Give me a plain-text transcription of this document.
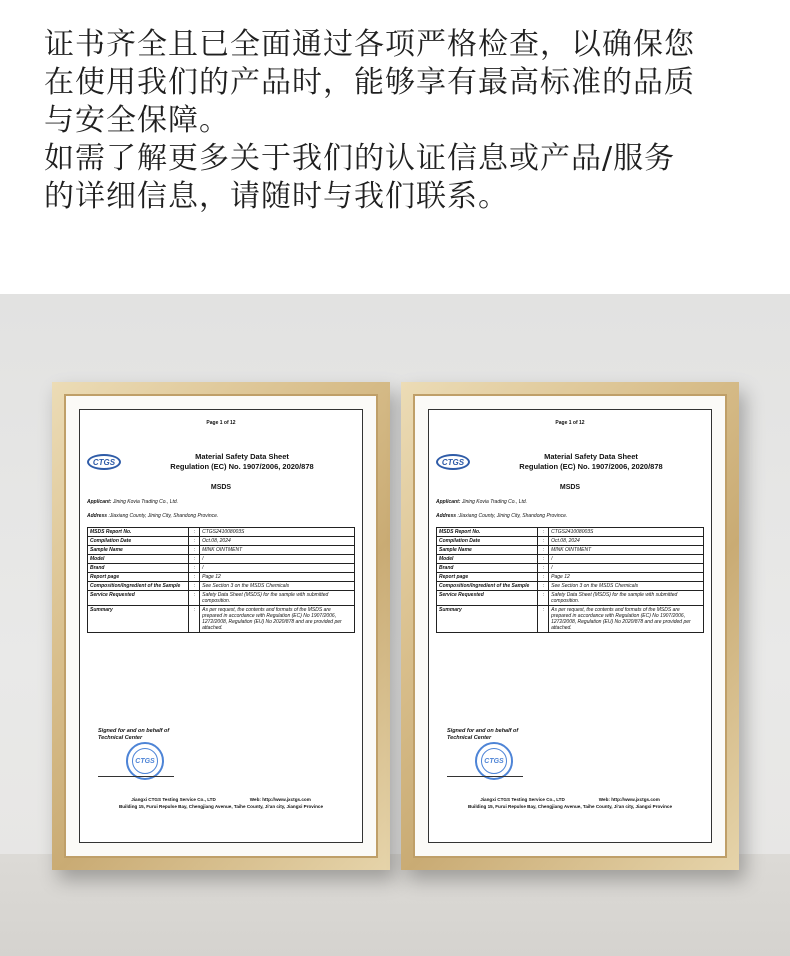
证书齐全且已全面通过各项严格检查，以确保您
在使用我们的产品时，能够享有最高标准的品质
与安全保障。

如需了解更多关于我们的认证信息或产品/服务
的详细信息，请随时与我们联系。

Page 1 of 12
CTGS
Material Safety Data Sheet
Regulation (EC) No. 1907/2006, 2020/878
MSDS
Applicant: Jining Kovia Trading Co., Ltd.
Address :Jiaxiang County, Jining City, Shandong Province.
MSDS Report No.	:	CTGS241008003S
Compilation Date	:	Oct.08, 2024
Sample Name	:	MINK OINTMENT
Model	:	/
Brand	:	/
Report page	:	Page 12
Composition/Ingredient of the Sample	:	See Section 3 on the MSDS Chemicals
Service Requested	:	Safety Data Sheet (MSDS) for the sample with submitted composition.
Summary	:	As per request, the contents and formats of the MSDS are prepared in accordance with Regulation (EC) No 1907/2006, 1272/2008, Regulation (EU) No 2020/878 and are provided per attached.
Signed for and on behalf of
Technical Center
CTGS
Jiangxi CTGS Testing Service Co., LTD	Web: http://www.jxctgs.com
Building 15, Furui Repulse Bay, Chengjiang Avenue, Taihe County, Ji'an city, Jiangxi Province
Page 1 of 12
CTGS
Material Safety Data Sheet
Regulation (EC) No. 1907/2006, 2020/878
MSDS
Applicant: Jining Kovia Trading Co., Ltd.
Address :Jiaxiang County, Jining City, Shandong Province.
MSDS Report No.	:	CTGS241008003S
Compilation Date	:	Oct.08, 2024
Sample Name	:	MINK OINTMENT
Model	:	/
Brand	:	/
Report page	:	Page 12
Composition/Ingredient of the Sample	:	See Section 3 on the MSDS Chemicals
Service Requested	:	Safety Data Sheet (MSDS) for the sample with submitted composition.
Summary	:	As per request, the contents and formats of the MSDS are prepared in accordance with Regulation (EC) No 1907/2006, 1272/2008, Regulation (EU) No 2020/878 and are provided per attached.
Signed for and on behalf of
Technical Center
CTGS
Jiangxi CTGS Testing Service Co., LTD	Web: http://www.jxctgs.com
Building 15, Furui Repulse Bay, Chengjiang Avenue, Taihe County, Ji'an city, Jiangxi Province
